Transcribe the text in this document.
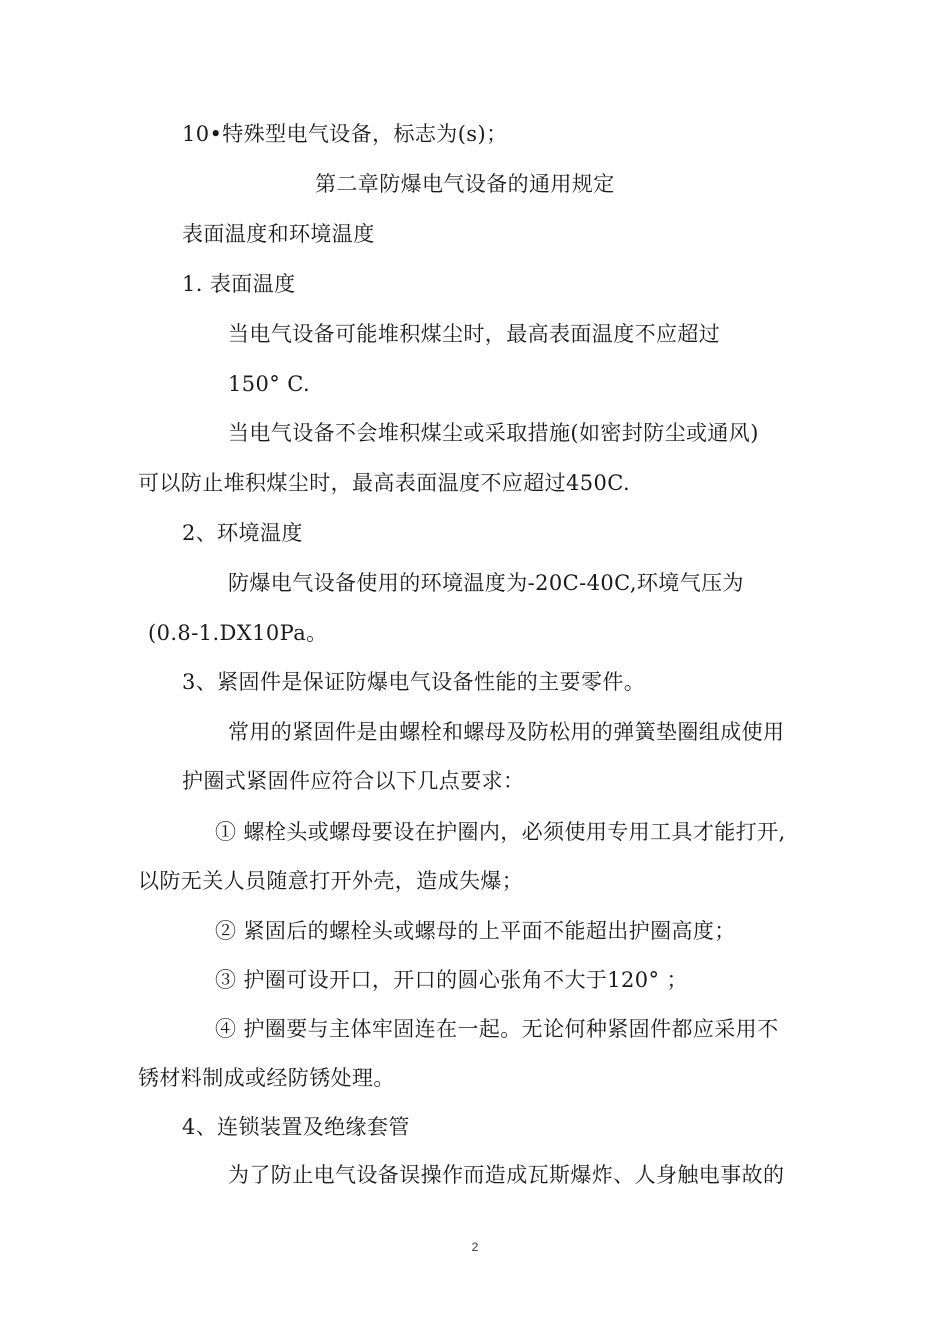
10•特殊型电气设备，标志为(s)；
第二章防爆电气设备的通用规定
表面温度和环境温度
1. 表面温度
当电气设备可能堆积煤尘时，最高表面温度不应超过
150° C.
当电气设备不会堆积煤尘或采取措施(如密封防尘或通风)
可以防止堆积煤尘时，最高表面温度不应超过450C.
2、环境温度
防爆电气设备使用的环境温度为-20C-40C,环境气压为
(0.8-1.DX10Pa。
3、紧固件是保证防爆电气设备性能的主要零件。
常用的紧固件是由螺栓和螺母及防松用的弹簧垫圈组成使用
护圈式紧固件应符合以下几点要求：
① 螺栓头或螺母要设在护圈内，必须使用专用工具才能打开,
以防无关人员随意打开外壳，造成失爆；
② 紧固后的螺栓头或螺母的上平面不能超出护圈高度；
③ 护圈可设开口，开口的圆心张角不大于120° ；
④ 护圈要与主体牢固连在一起。无论何种紧固件都应采用不
锈材料制成或经防锈处理。
4、连锁装置及绝缘套管
为了防止电气设备误操作而造成瓦斯爆炸、人身触电事故的
2
